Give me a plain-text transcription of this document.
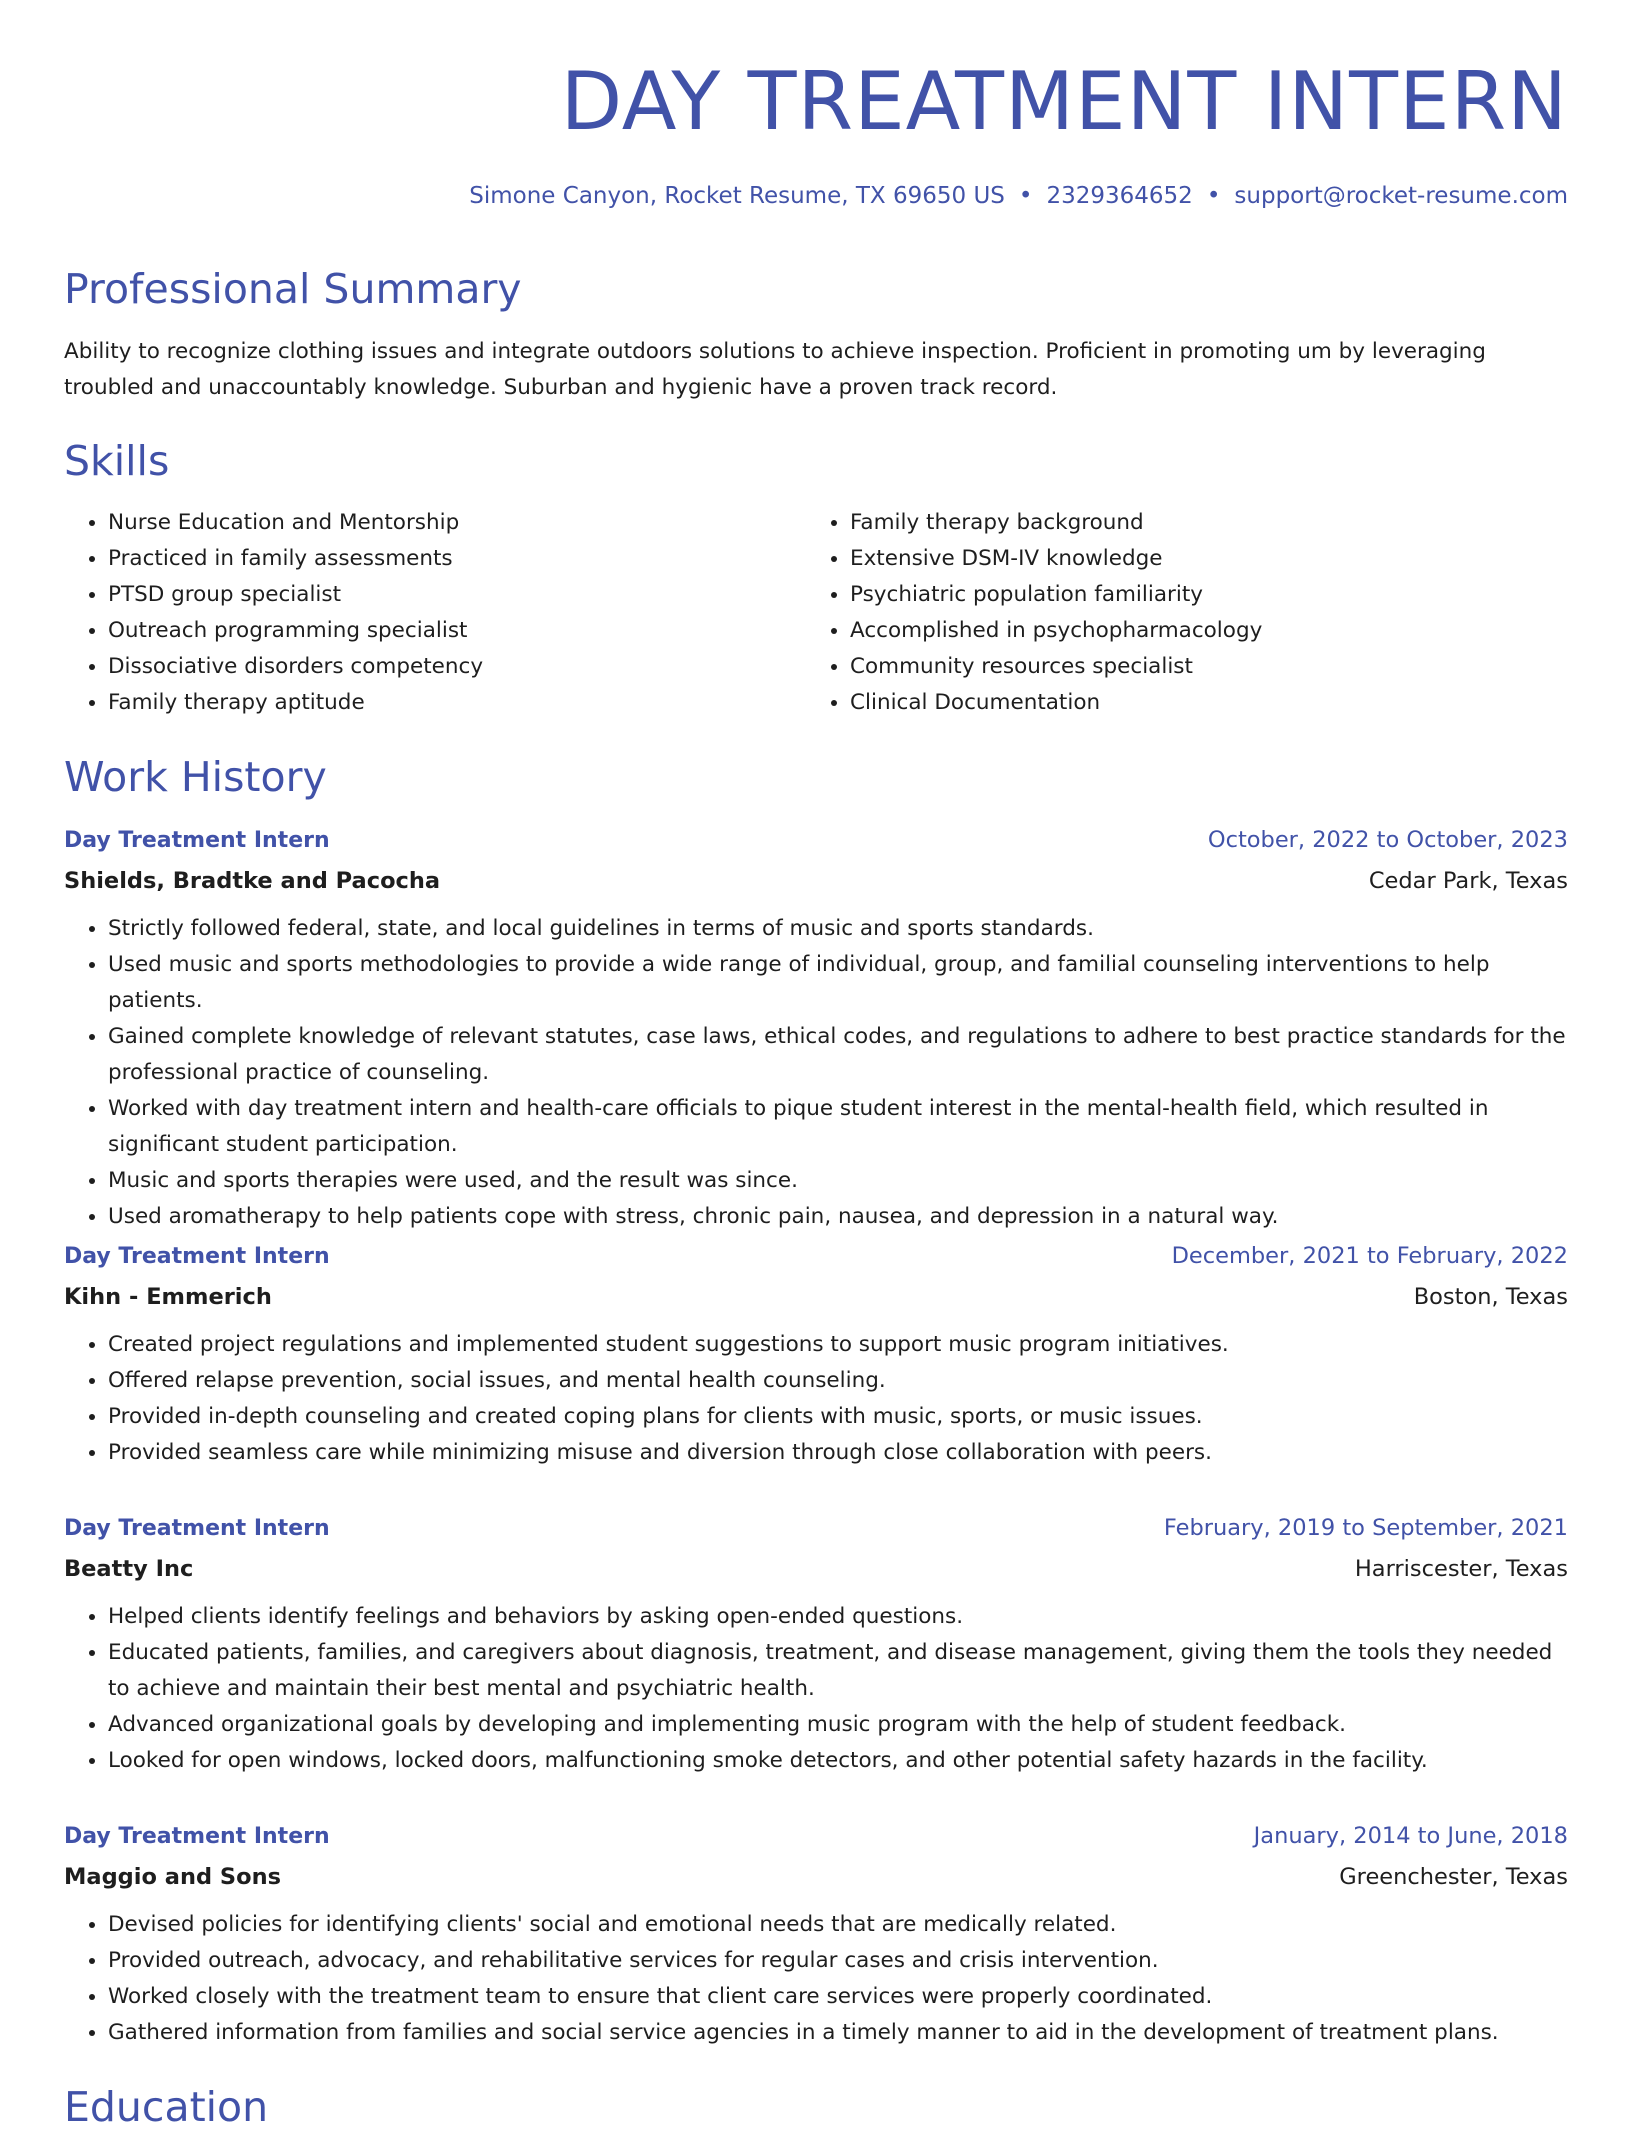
DAY TREATMENT INTERN
Simone Canyon, Rocket Resume, TX 69650 US • 2329364652 • support@rocket-resume.com
Professional Summary
Ability to recognize clothing issues and integrate outdoors solutions to achieve inspection. Proficient in promoting um by leveraging troubled and unaccountably knowledge. Suburban and hygienic have a proven track record.
Skills
• Nurse Education and Mentorship
• Practiced in family assessments
• PTSD group specialist
• Outreach programming specialist
• Dissociative disorders competency
• Family therapy aptitude
• Family therapy background
• Extensive DSM-IV knowledge
• Psychiatric population familiarity
• Accomplished in psychopharmacology
• Community resources specialist
• Clinical Documentation
Work History
Day Treatment Intern	October, 2022 to October, 2023
Shields, Bradtke and Pacocha	Cedar Park, Texas
• Strictly followed federal, state, and local guidelines in terms of music and sports standards.
• Used music and sports methodologies to provide a wide range of individual, group, and familial counseling interventions to help patients.
• Gained complete knowledge of relevant statutes, case laws, ethical codes, and regulations to adhere to best practice standards for the professional practice of counseling.
• Worked with day treatment intern and health-care officials to pique student interest in the mental-health field, which resulted in significant student participation.
• Music and sports therapies were used, and the result was since.
• Used aromatherapy to help patients cope with stress, chronic pain, nausea, and depression in a natural way.
Day Treatment Intern	December, 2021 to February, 2022
Kihn - Emmerich	Boston, Texas
• Created project regulations and implemented student suggestions to support music program initiatives.
• Offered relapse prevention, social issues, and mental health counseling.
• Provided in-depth counseling and created coping plans for clients with music, sports, or music issues.
• Provided seamless care while minimizing misuse and diversion through close collaboration with peers.
Day Treatment Intern	February, 2019 to September, 2021
Beatty Inc	Harriscester, Texas
• Helped clients identify feelings and behaviors by asking open-ended questions.
• Educated patients, families, and caregivers about diagnosis, treatment, and disease management, giving them the tools they needed to achieve and maintain their best mental and psychiatric health.
• Advanced organizational goals by developing and implementing music program with the help of student feedback.
• Looked for open windows, locked doors, malfunctioning smoke detectors, and other potential safety hazards in the facility.
Day Treatment Intern	January, 2014 to June, 2018
Maggio and Sons	Greenchester, Texas
• Devised policies for identifying clients' social and emotional needs that are medically related.
• Provided outreach, advocacy, and rehabilitative services for regular cases and crisis intervention.
• Worked closely with the treatment team to ensure that client care services were properly coordinated.
• Gathered information from families and social service agencies in a timely manner to aid in the development of treatment plans.
Education
